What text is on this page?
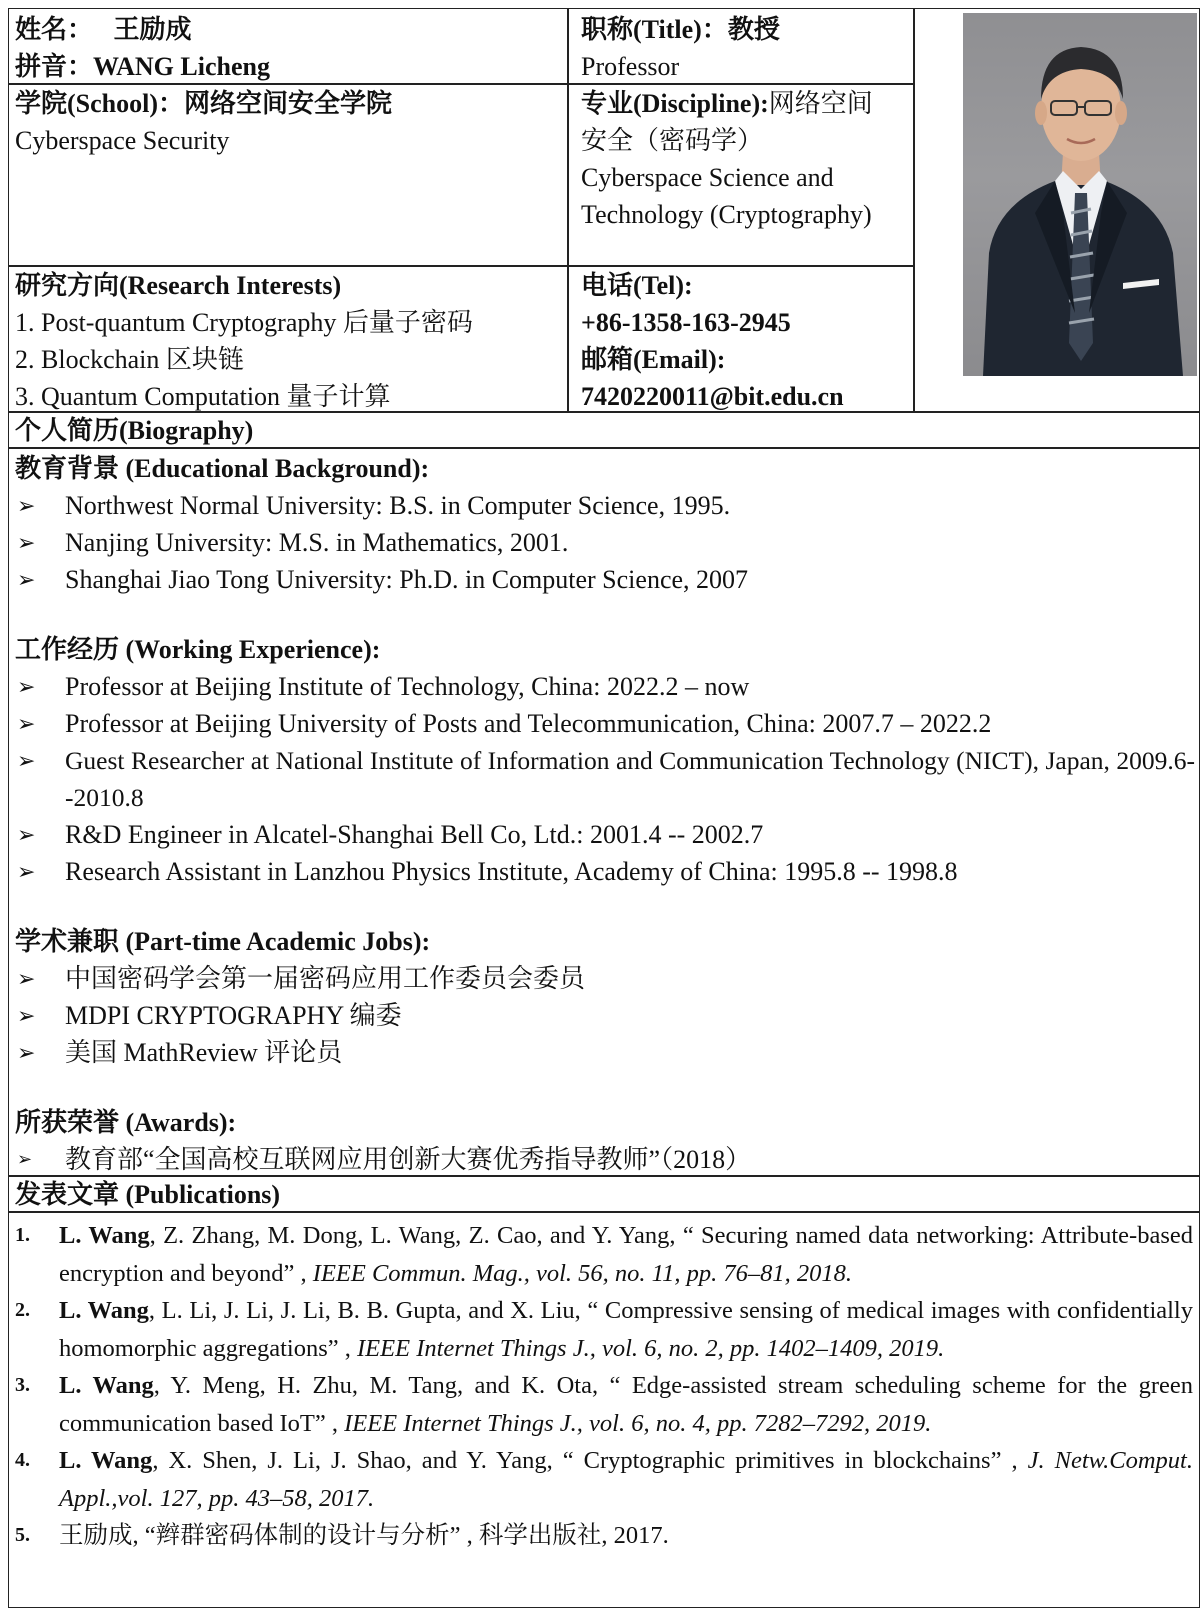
姓名： 王励成
拼音：WANG Licheng
职称(Title)：教授
Professor
学院(School)：网络空间安全学院
Cyberspace Security
专业(Discipline):网络空间
安全（密码学）
Cyberspace Science and
Technology (Cryptography)
研究方向(Research Interests)
1. Post-quantum Cryptography 后量子密码
2. Blockchain 区块链
3. Quantum Computation 量子计算
电话(Tel):
+86-1358-163-2945
邮箱(Email):
7420220011@bit.edu.cn
个人简历(Biography)
教育背景 (Educational Background):
➢ Northwest Normal University: B.S. in Computer Science, 1995.
➢ Nanjing University: M.S. in Mathematics, 2001.
➢ Shanghai Jiao Tong University: Ph.D. in Computer Science, 2007
工作经历 (Working Experience):
➢ Professor at Beijing Institute of Technology, China: 2022.2 – now
➢ Professor at Beijing University of Posts and Telecommunication, China: 2007.7 – 2022.2
➢ Guest Researcher at National Institute of Information and Communication Technology (NICT), Japan, 2009.6--2010.8
➢ R&D Engineer in Alcatel-Shanghai Bell Co, Ltd.: 2001.4 -- 2002.7
➢ Research Assistant in Lanzhou Physics Institute, Academy of China: 1995.8 -- 1998.8
学术兼职 (Part-time Academic Jobs):
➢ 中国密码学会第一届密码应用工作委员会委员
➢ MDPI CRYPTOGRAPHY 编委
➢ 美国 MathReview 评论员
所获荣誉 (Awards):
➢ 教育部“全国高校互联网应用创新大赛优秀指导教师”（2018）
发表文章 (Publications)
1. L. Wang, Z. Zhang, M. Dong, L. Wang, Z. Cao, and Y. Yang, “ Securing named data networking: Attribute-based encryption and beyond” , IEEE Commun. Mag., vol. 56, no. 11, pp. 76–81, 2018.
2. L. Wang, L. Li, J. Li, J. Li, B. B. Gupta, and X. Liu, “ Compressive sensing of medical images with confidentially homomorphic aggregations” , IEEE Internet Things J., vol. 6, no. 2, pp. 1402–1409, 2019.
3. L. Wang, Y. Meng, H. Zhu, M. Tang, and K. Ota, “ Edge-assisted stream scheduling scheme for the green communication based IoT” , IEEE Internet Things J., vol. 6, no. 4, pp. 7282–7292, 2019.
4. L. Wang, X. Shen, J. Li, J. Shao, and Y. Yang, “ Cryptographic primitives in blockchains” , J. Netw.Comput. Appl.,vol. 127, pp. 43–58, 2017.
5. 王励成, “辫群密码体制的设计与分析” , 科学出版社, 2017.
